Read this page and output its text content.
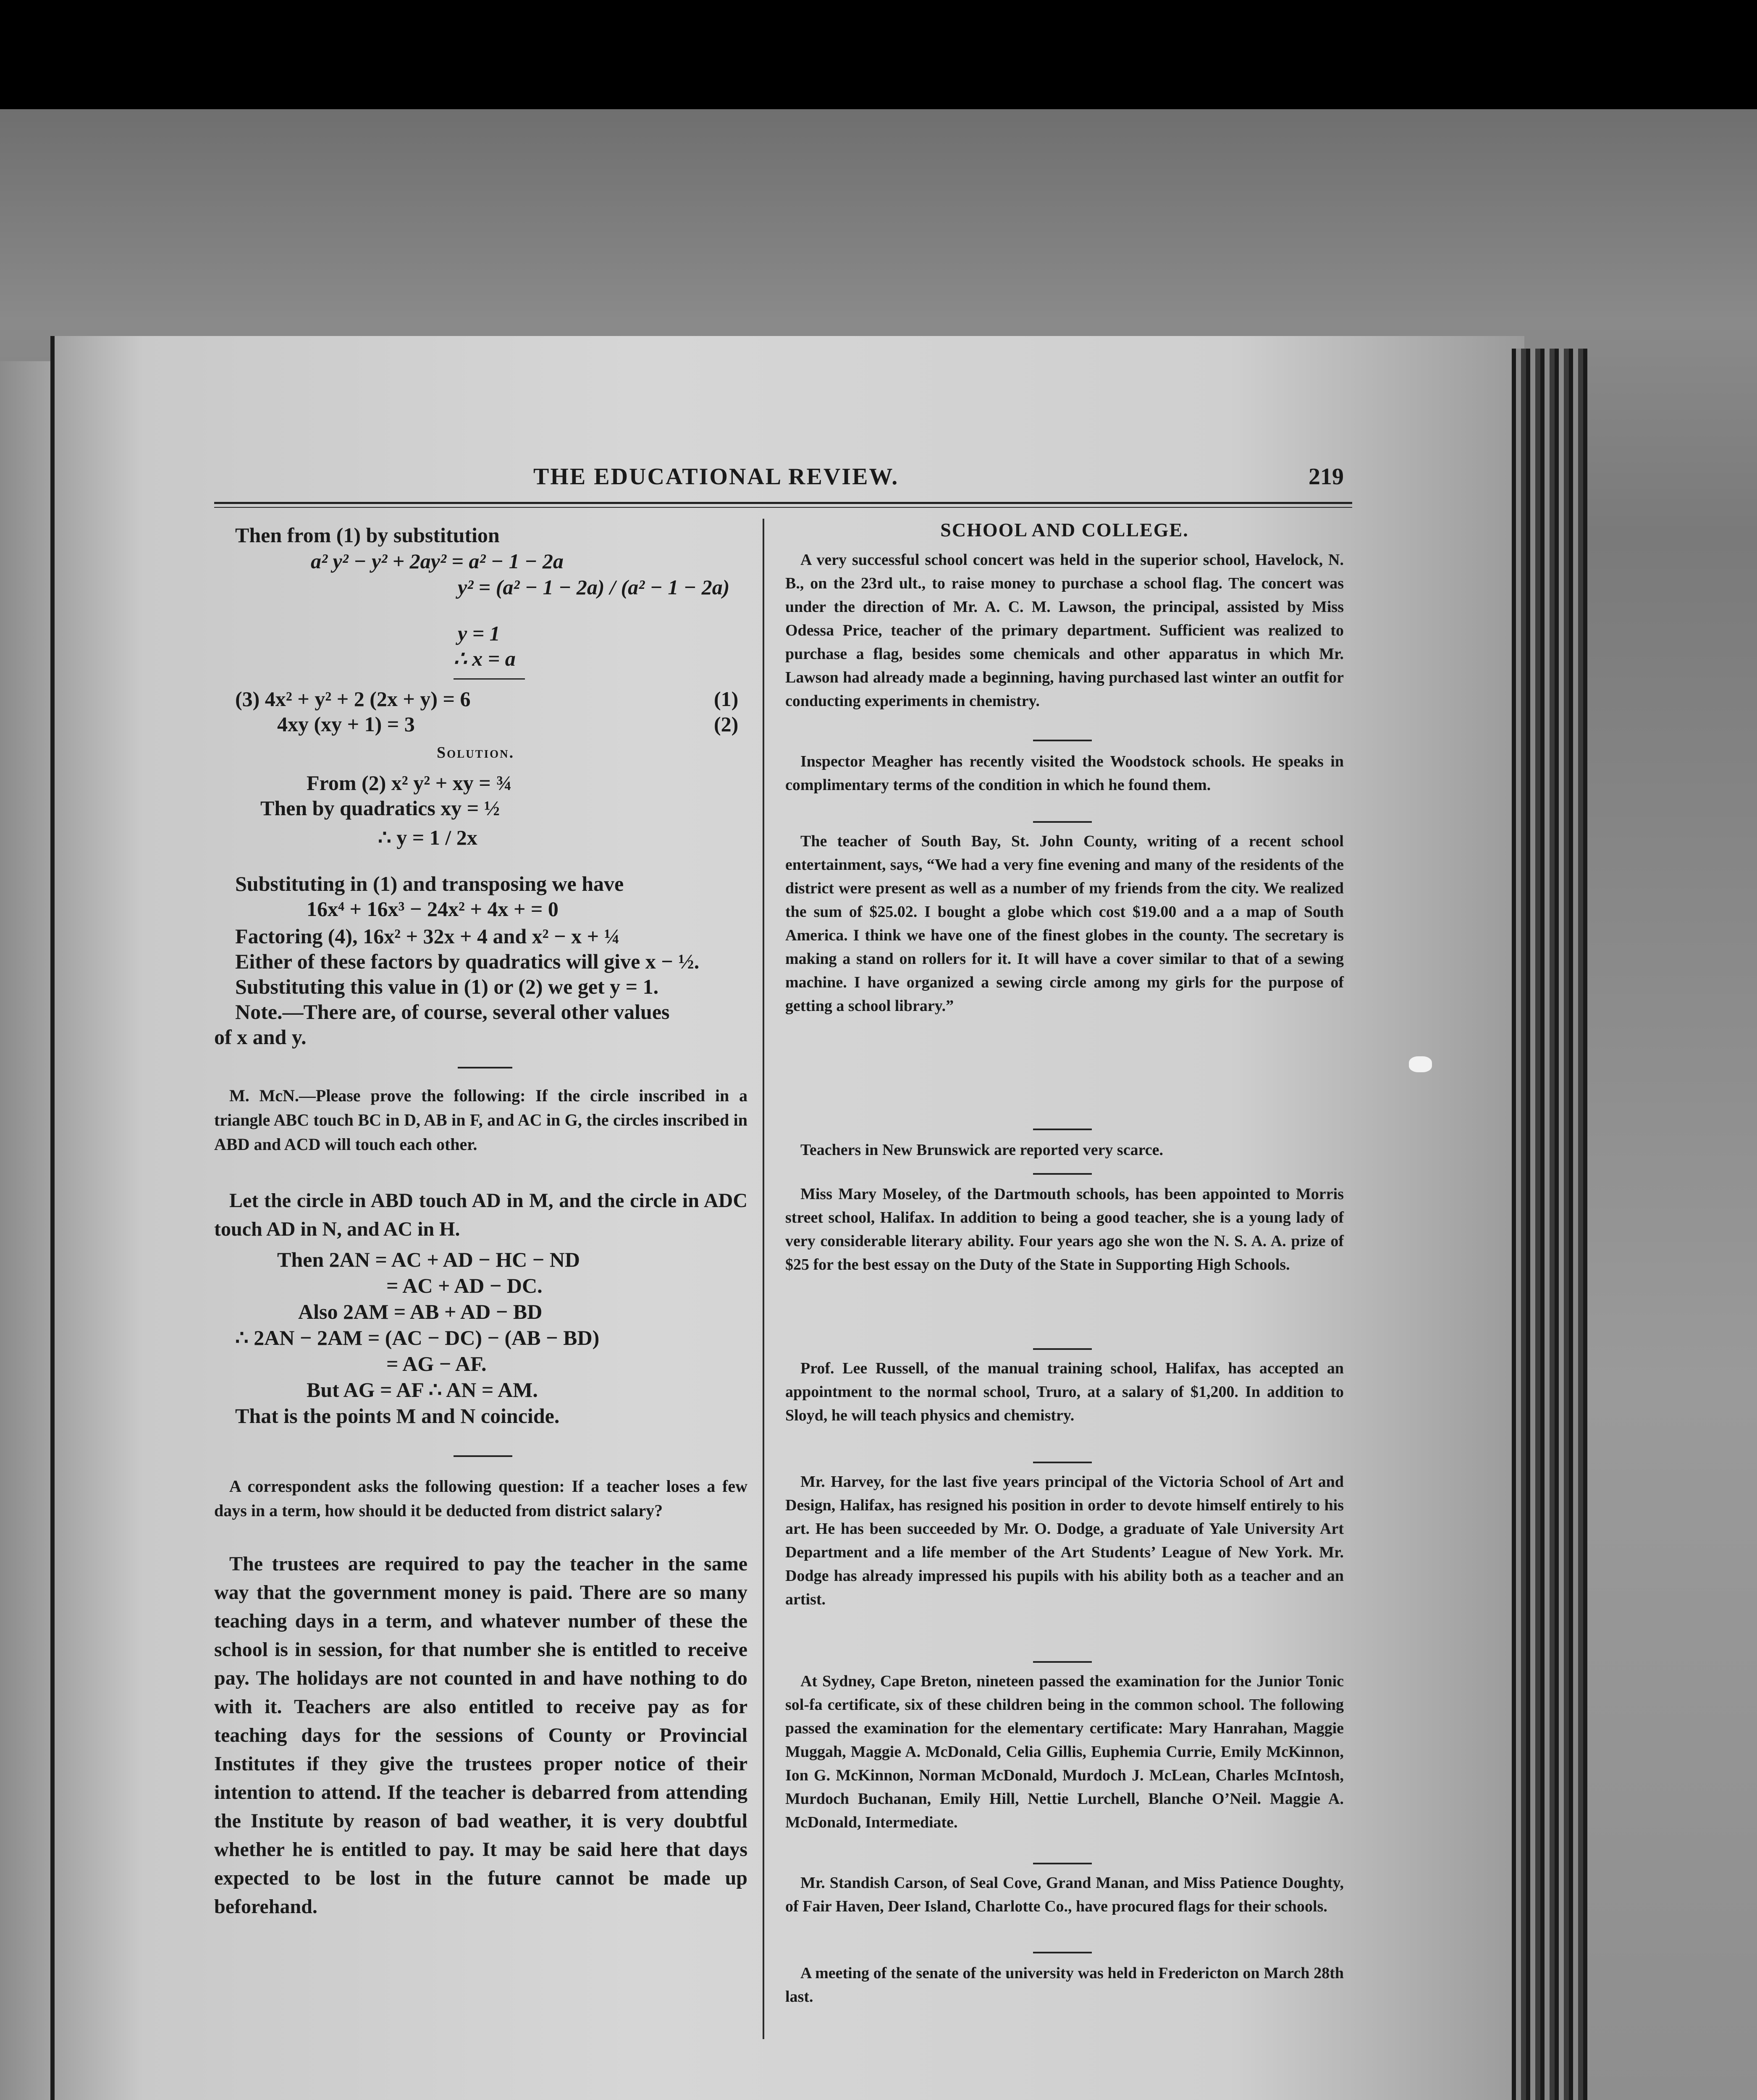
THE EDUCATIONAL REVIEW.	219
Then from (1) by substitution
a² y² − y² + 2ay² = a² − 1 − 2a
y² = (a² − 1 − 2a) / (a² − 1 − 2a)
y = 1
∴ x = a
(3) 4x² + y² + 2 (2x + y) = 6	(1)
4xy (xy + 1) = 3	(2)
Solution.
From (2) x² y² + xy = ¾
Then by quadratics xy = ½
∴ y = 1 / 2x
Substituting in (1) and transposing we have
16x⁴ + 16x³ − 24x² + 4x + = 0
Factoring (4), 16x² + 32x + 4 and x² − x + ¼
Either of these factors by quadratics will give x − ½.
Substituting this value in (1) or (2) we get y = 1.
Note.—There are, of course, several other values
of x and y.

M. McN.—Please prove the following: If the circle inscribed in a triangle ABC touch BC in D, AB in F, and AC in G, the circles inscribed in ABD and ACD will touch each other.

Let the circle in ABD touch AD in M, and the circle in ADC touch AD in N, and AC in H.

Then 2AN = AC + AD − HC − ND
= AC + AD − DC.
Also 2AM = AB + AD − BD
∴ 2AN − 2AM = (AC − DC) − (AB − BD)
= AG − AF.
But AG = AF ∴ AN = AM.
That is the points M and N coincide.

A correspondent asks the following question: If a teacher loses a few days in a term, how should it be deducted from district salary?

The trustees are required to pay the teacher in the same way that the government money is paid. There are so many teaching days in a term, and whatever number of these the school is in session, for that number she is entitled to receive pay. The holidays are not counted in and have nothing to do with it. Teachers are also entitled to receive pay as for teaching days for the sessions of County or Provincial Institutes if they give the trustees proper notice of their intention to attend. If the teacher is debarred from attending the Institute by reason of bad weather, it is very doubtful whether he is entitled to pay. It may be said here that days expected to be lost in the future cannot be made up beforehand.

SCHOOL AND COLLEGE.

A very successful school concert was held in the superior school, Havelock, N. B., on the 23rd ult., to raise money to purchase a school flag. The concert was under the direction of Mr. A. C. M. Lawson, the principal, assisted by Miss Odessa Price, teacher of the primary department. Sufficient was realized to purchase a flag, besides some chemicals and other apparatus in which Mr. Lawson had already made a beginning, having purchased last winter an outfit for conducting experiments in chemistry.

Inspector Meagher has recently visited the Woodstock schools. He speaks in complimentary terms of the condition in which he found them.

The teacher of South Bay, St. John County, writing of a recent school entertainment, says, “We had a very fine evening and many of the residents of the district were present as well as a number of my friends from the city. We realized the sum of $25.02. I bought a globe which cost $19.00 and a a map of South America. I think we have one of the finest globes in the county. The secretary is making a stand on rollers for it. It will have a cover similar to that of a sewing machine. I have organized a sewing circle among my girls for the purpose of getting a school library.”

Teachers in New Brunswick are reported very scarce.

Miss Mary Moseley, of the Dartmouth schools, has been appointed to Morris street school, Halifax. In addition to being a good teacher, she is a young lady of very considerable literary ability. Four years ago she won the N. S. A. A. prize of $25 for the best essay on the Duty of the State in Supporting High Schools.

Prof. Lee Russell, of the manual training school, Halifax, has accepted an appointment to the normal school, Truro, at a salary of $1,200. In addition to Sloyd, he will teach physics and chemistry.

Mr. Harvey, for the last five years principal of the Victoria School of Art and Design, Halifax, has resigned his position in order to devote himself entirely to his art. He has been succeeded by Mr. O. Dodge, a graduate of Yale University Art Department and a life member of the Art Students’ League of New York. Mr. Dodge has already impressed his pupils with his ability both as a teacher and an artist.

At Sydney, Cape Breton, nineteen passed the examination for the Junior Tonic sol-fa certificate, six of these children being in the common school. The following passed the examination for the elementary certificate: Mary Hanrahan, Maggie Muggah, Maggie A. McDonald, Celia Gillis, Euphemia Currie, Emily McKinnon, Ion G. McKinnon, Norman McDonald, Murdoch J. McLean, Charles McIntosh, Murdoch Buchanan, Emily Hill, Nettie Lurchell, Blanche O’Neil. Maggie A. McDonald, Intermediate.

Mr. Standish Carson, of Seal Cove, Grand Manan, and Miss Patience Doughty, of Fair Haven, Deer Island, Charlotte Co., have procured flags for their schools.

A meeting of the senate of the university was held in Fredericton on March 28th last.
